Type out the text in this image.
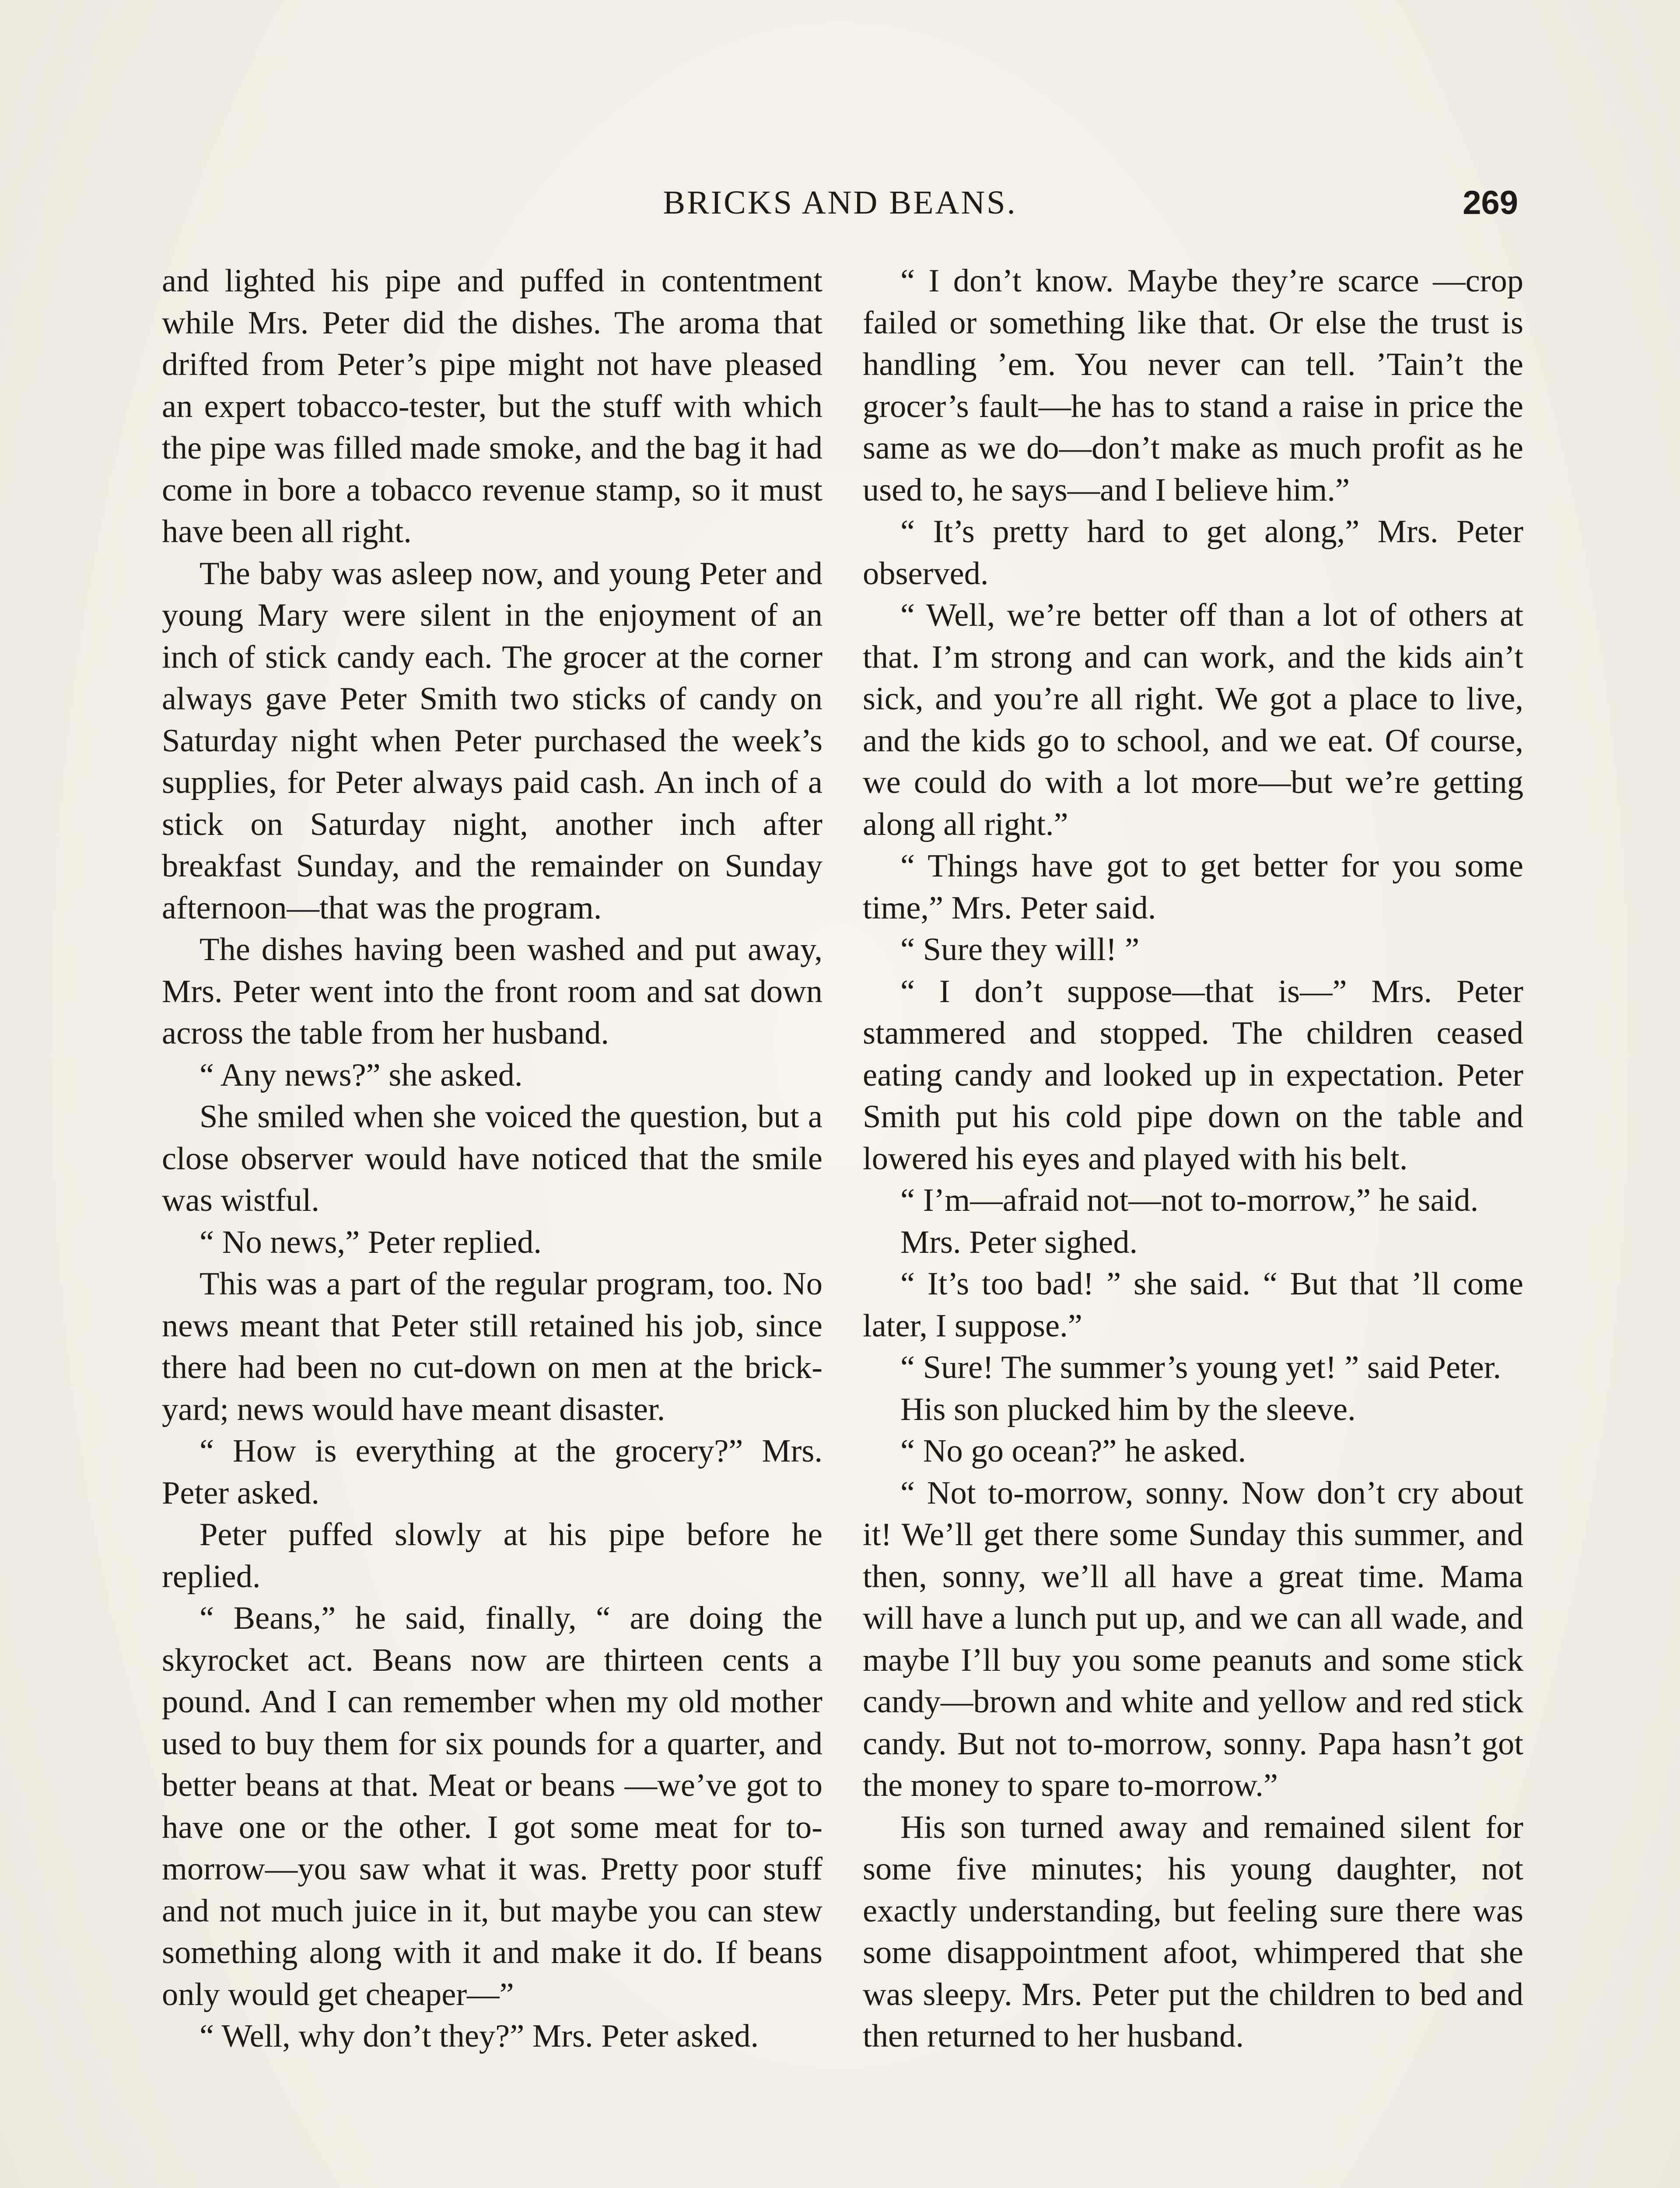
BRICKS AND BEANS.	269

and lighted his pipe and puffed in contentment while Mrs. Peter did the dishes. The aroma that drifted from Peter’s pipe might not have pleased an expert tobacco-tester, but the stuff with which the pipe was filled made smoke, and the bag it had come in bore a tobacco revenue stamp, so it must have been all right.

The baby was asleep now, and young Peter and young Mary were silent in the enjoyment of an inch of stick candy each. The grocer at the corner always gave Peter Smith two sticks of candy on Saturday night when Peter purchased the week’s supplies, for Peter always paid cash. An inch of a stick on Saturday night, another inch after breakfast Sunday, and the remainder on Sunday afternoon—that was the program.

The dishes having been washed and put away, Mrs. Peter went into the front room and sat down across the table from her husband.

“ Any news?” she asked.

She smiled when she voiced the question, but a close observer would have noticed that the smile was wistful.

“ No news,” Peter replied.

This was a part of the regular program, too. No news meant that Peter still retained his job, since there had been no cut-down on men at the brick-yard; news would have meant disaster.

“ How is everything at the grocery?” Mrs. Peter asked.

Peter puffed slowly at his pipe before he replied.

“ Beans,” he said, finally, “ are doing the skyrocket act. Beans now are thirteen cents a pound. And I can remember when my old mother used to buy them for six pounds for a quarter, and better beans at that. Meat or beans —we’ve got to have one or the other. I got some meat for to-morrow—you saw what it was. Pretty poor stuff and not much juice in it, but maybe you can stew something along with it and make it do. If beans only would get cheaper—”

“ Well, why don’t they?” Mrs. Peter asked.

“ I don’t know. Maybe they’re scarce —crop failed or something like that. Or else the trust is handling ’em. You never can tell. ’Tain’t the grocer’s fault—he has to stand a raise in price the same as we do—don’t make as much profit as he used to, he says—and I believe him.”

“ It’s pretty hard to get along,” Mrs. Peter observed.

“ Well, we’re better off than a lot of others at that. I’m strong and can work, and the kids ain’t sick, and you’re all right. We got a place to live, and the kids go to school, and we eat. Of course, we could do with a lot more—but we’re getting along all right.”

“ Things have got to get better for you some time,” Mrs. Peter said.

“ Sure they will! ”

“ I don’t suppose—that is—” Mrs. Peter stammered and stopped. The children ceased eating candy and looked up in expectation. Peter Smith put his cold pipe down on the table and lowered his eyes and played with his belt.

“ I’m—afraid not—not to-morrow,” he said.

Mrs. Peter sighed.

“ It’s too bad! ” she said. “ But that ’ll come later, I suppose.”

“ Sure! The summer’s young yet! ” said Peter.

His son plucked him by the sleeve.

“ No go ocean?” he asked.

“ Not to-morrow, sonny. Now don’t cry about it! We’ll get there some Sunday this summer, and then, sonny, we’ll all have a great time. Mama will have a lunch put up, and we can all wade, and maybe I’ll buy you some peanuts and some stick candy—brown and white and yellow and red stick candy. But not to-morrow, sonny. Papa hasn’t got the money to spare to-morrow.”

His son turned away and remained silent for some five minutes; his young daughter, not exactly understanding, but feeling sure there was some disappointment afoot, whimpered that she was sleepy. Mrs. Peter put the children to bed and then returned to her husband.
